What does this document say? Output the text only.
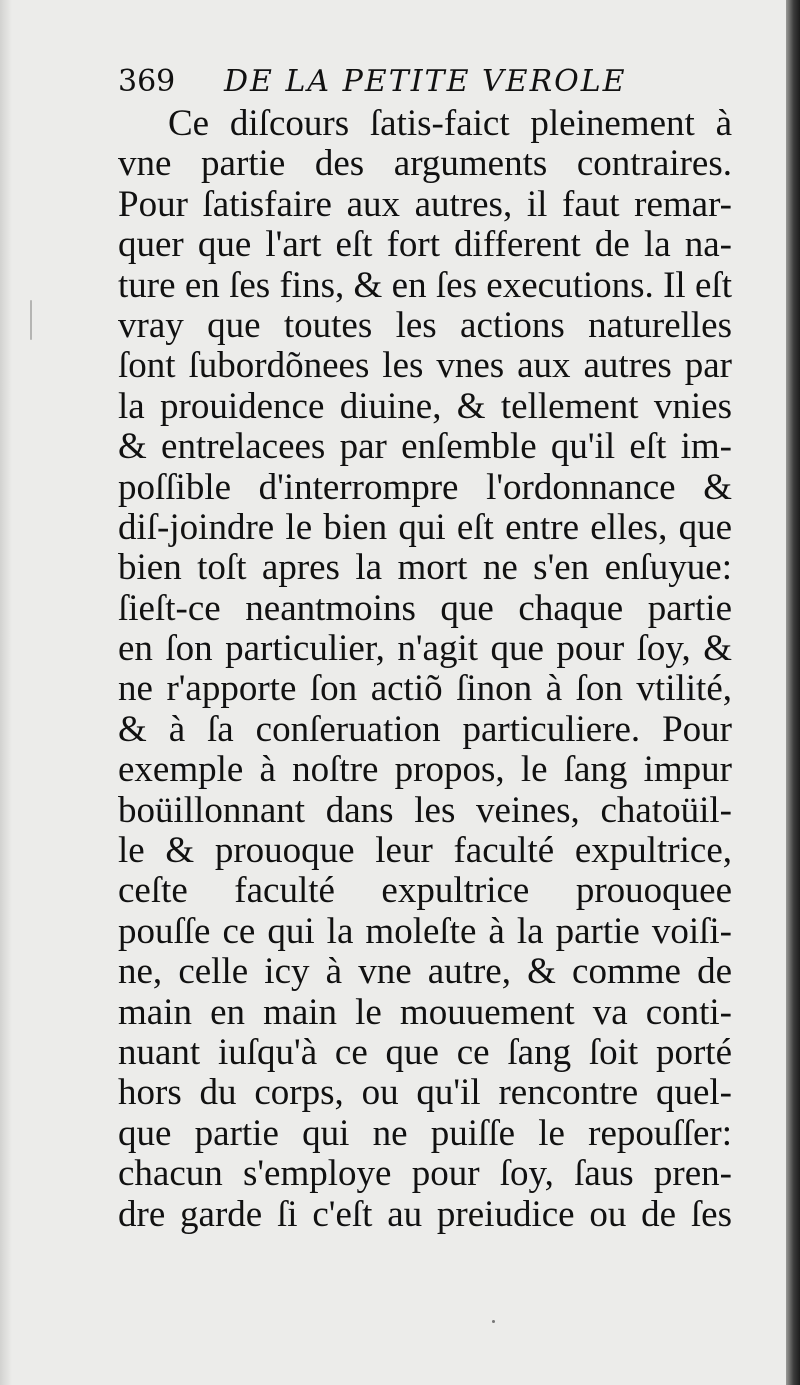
369 DE LA PETITE VEROLE
Ce diſcours ſatis-faict pleinement à
vne partie des arguments contraires.
Pour ſatisfaire aux autres, il faut remar-
quer que l'art eſt fort different de la na-
ture en ſes fins, & en ſes executions. Il eſt
vray que toutes les actions naturelles
ſont ſubordõnees les vnes aux autres par
la prouidence diuine, & tellement vnies
& entrelacees par enſemble qu'il eſt im-
poſſible d'interrompre l'ordonnance &
diſ-joindre le bien qui eſt entre elles, que
bien toſt apres la mort ne s'en enſuyue:
ſieſt-ce neantmoins que chaque partie
en ſon particulier, n'agit que pour ſoy, &
ne r'apporte ſon actiõ ſinon à ſon vtilité,
& à ſa conſeruation particuliere. Pour
exemple à noſtre propos, le ſang impur
boüillonnant dans les veines, chatoüil-
le & prouoque leur faculté expultrice,
ceſte faculté expultrice prouoquee
pouſſe ce qui la moleſte à la partie voiſi-
ne, celle icy à vne autre, & comme de
main en main le mouuement va conti-
nuant iuſqu'à ce que ce ſang ſoit porté
hors du corps, ou qu'il rencontre quel-
que partie qui ne puiſſe le repouſſer:
chacun s'employe pour ſoy, ſaus pren-
dre garde ſi c'eſt au preiudice ou de ſes
